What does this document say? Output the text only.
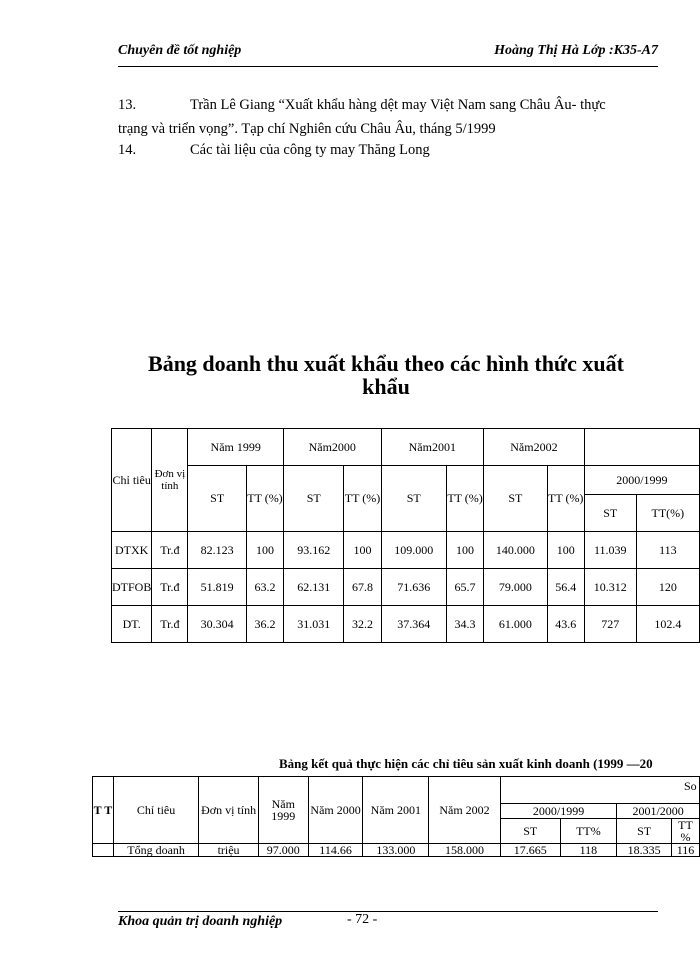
Chuyên đề tốt nghiệp	Hoàng Thị Hà Lớp :K35-A7
13.	Trần Lê Giang “Xuất khẩu hàng dệt may Việt Nam sang Châu Âu- thực
trạng và triển vọng”. Tạp chí Nghiên cứu Châu Âu, tháng 5/1999
14.	Các tài liệu của công ty may Thăng Long
Bảng doanh thu xuất khẩu theo các hình thức xuất
khẩu
Chỉ tiêu	Đơn vị tính	Năm 1999		Năm2000		Năm2001		Năm2002			
		ST	TT (%)	ST	TT (%)	ST	TT (%)	ST	TT (%)	2000/1999	
										ST	TT(%)
DTXK	Tr.đ	82.123	100	93.162	100	109.000	100	140.000	100	11.039	113
DTFOB	Tr.đ	51.819	63.2	62.131	67.8	71.636	65.7	79.000	56.4	10.312	120
DT.	Tr.đ	30.304	36.2	31.031	32.2	37.364	34.3	61.000	43.6	727	102.4
Bảng kết quả thực hiện các chỉ tiêu sản xuất kinh doanh (1999 —20
So
T T	Chỉ tiêu	Đơn vị tính	Năm 1999	Năm 2000	Năm 2001	Năm 2002				
							2000/1999		2001/2000	
							ST	TT%	ST	TT %
	Tổng doanh	triệu	97.000	114.66	133.000	158.000	17.665	118	18.335	116
Khoa quản trị doanh nghiệp	- 72 -
